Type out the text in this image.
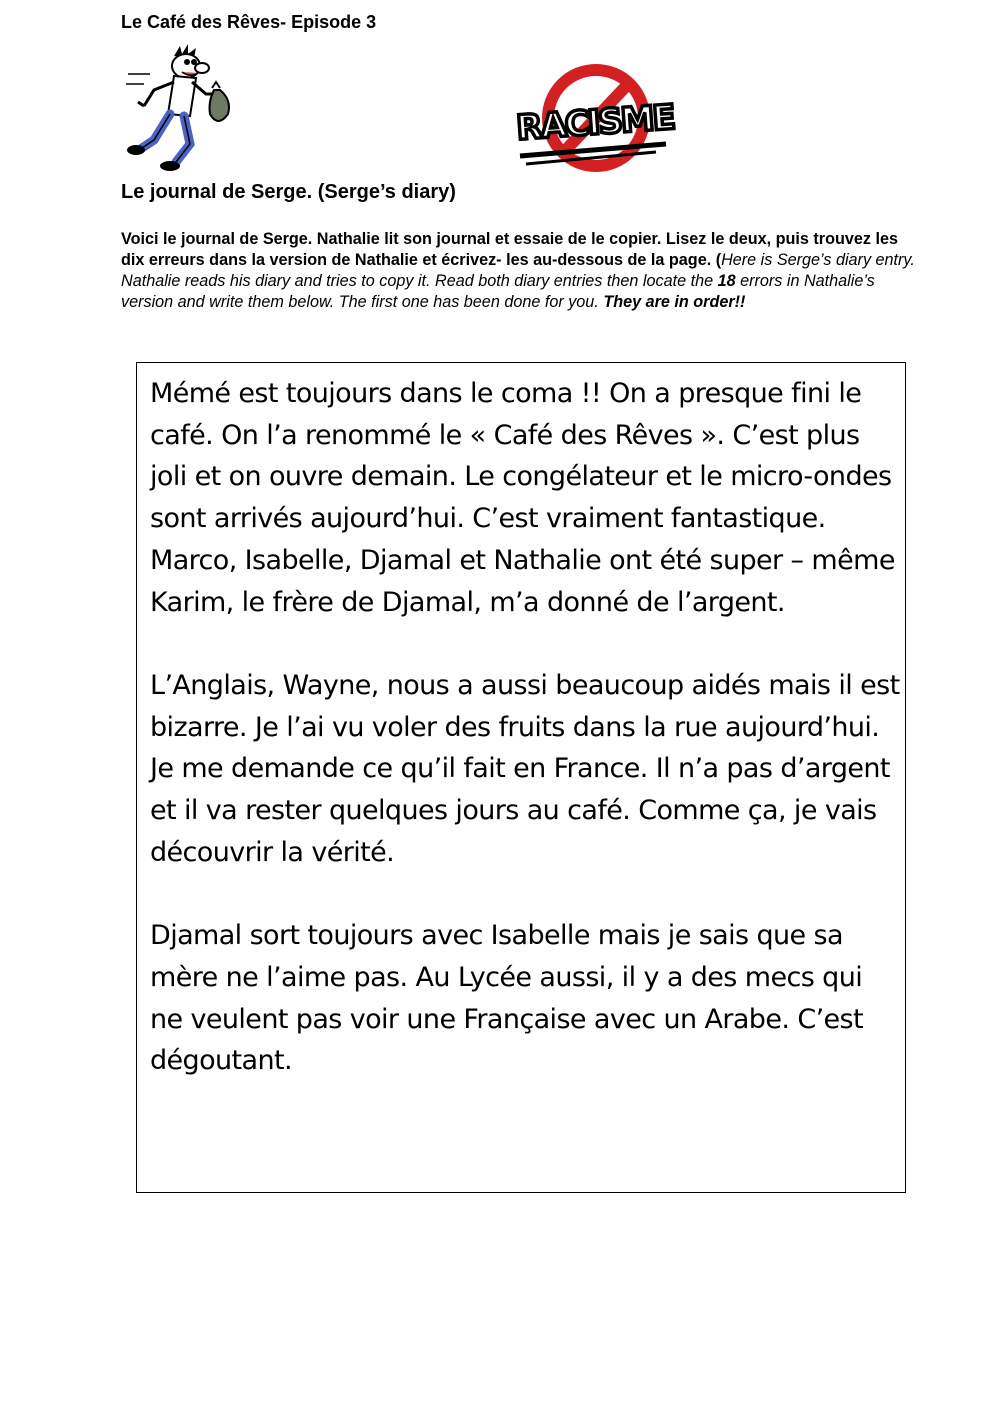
Le Café des Rêves- Episode 3
RACISME
Le journal de Serge. (Serge’s diary)
Voici le journal de Serge. Nathalie lit son journal et essaie de le copier. Lisez le deux, puis trouvez les dix erreurs dans la version de Nathalie et écrivez- les au-dessous de la page. (Here is Serge’s diary entry. Nathalie reads his diary and tries to copy it. Read both diary entries then locate the 18 errors in Nathalie’s version and write them below. The first one has been done for you. They are in order!!

Mémé est toujours dans le coma !! On a presque fini le café. On l’a renommé le « Café des Rêves ». C’est plus joli et on ouvre demain. Le congélateur et le micro-ondes sont arrivés aujourd’hui. C’est vraiment fantastique. Marco, Isabelle, Djamal et Nathalie ont été super – même Karim, le frère de Djamal, m’a donné de l’argent.

L’Anglais, Wayne, nous a aussi beaucoup aidés mais il est bizarre. Je l’ai vu voler des fruits dans la rue aujourd’hui. Je me demande ce qu’il fait en France. Il n’a pas d’argent et il va rester quelques jours au café. Comme ça, je vais découvrir la vérité.

Djamal sort toujours avec Isabelle mais je sais que sa mère ne l’aime pas. Au Lycée aussi, il y a des mecs qui ne veulent pas voir une Française avec un Arabe. C’est dégoutant.
